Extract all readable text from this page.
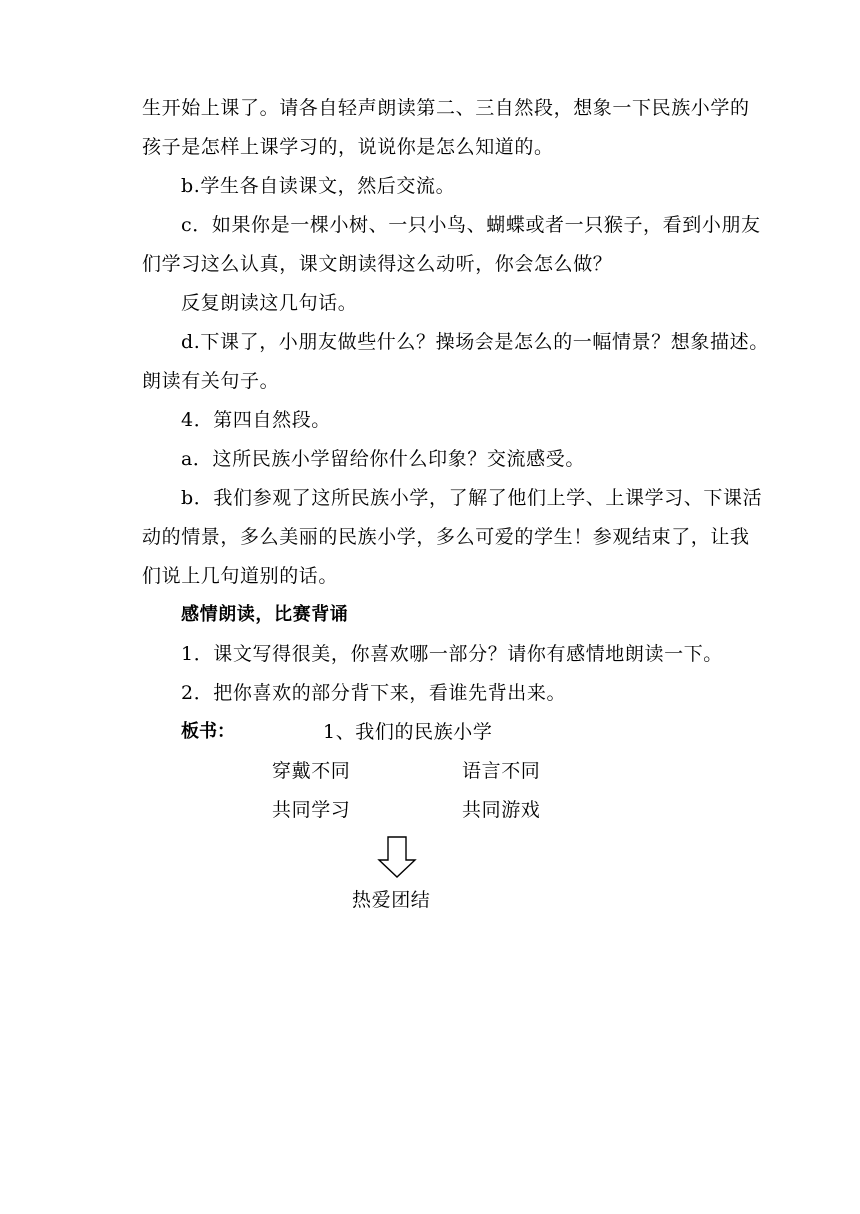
生开始上课了。请各自轻声朗读第二、三自然段，想象一下民族小学的
孩子是怎样上课学习的，说说你是怎么知道的。
b.学生各自读课文，然后交流。
c．如果你是一棵小树、一只小鸟、蝴蝶或者一只猴子，看到小朋友
们学习这么认真，课文朗读得这么动听，你会怎么做？
反复朗读这几句话。
d.下课了，小朋友做些什么？操场会是怎么的一幅情景？想象描述。
朗读有关句子。
4．第四自然段。
a．这所民族小学留给你什么印象？交流感受。
b．我们参观了这所民族小学，了解了他们上学、上课学习、下课活
动的情景，多么美丽的民族小学，多么可爱的学生！参观结束了，让我
们说上几句道别的话。
感情朗读，比赛背诵
1．课文写得很美，你喜欢哪一部分？请你有感情地朗读一下。
2．把你喜欢的部分背下来，看谁先背出来。
板书：	1、我们的民族小学
穿戴不同	语言不同
共同学习	共同游戏
热爱团结
